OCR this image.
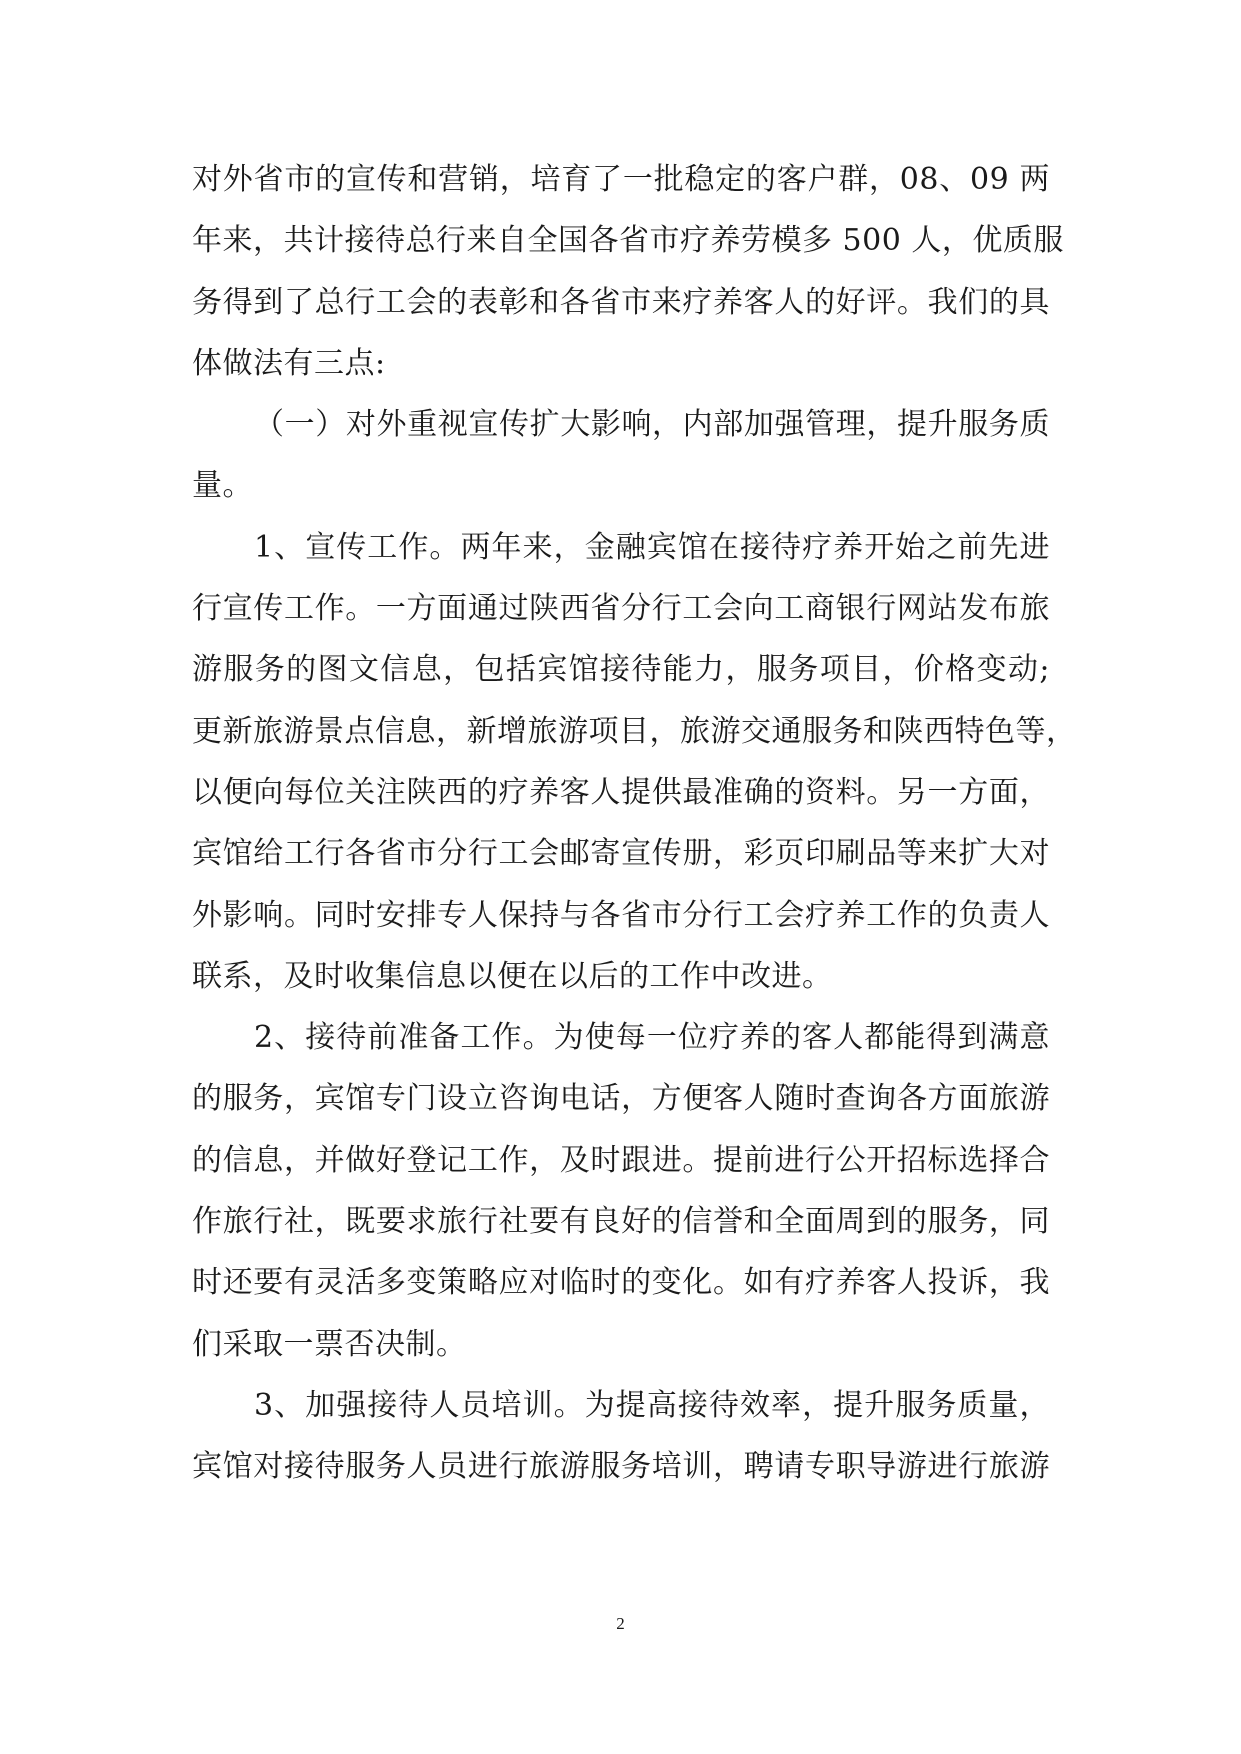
对外省市的宣传和营销，培育了一批稳定的客户群，08、09 两
年来，共计接待总行来自全国各省市疗养劳模多 500 人，优质服
务得到了总行工会的表彰和各省市来疗养客人的好评。我们的具
体做法有三点:
（一）对外重视宣传扩大影响，内部加强管理，提升服务质
量。
1、宣传工作。两年来，金融宾馆在接待疗养开始之前先进
行宣传工作。一方面通过陕西省分行工会向工商银行网站发布旅
游服务的图文信息，包括宾馆接待能力，服务项目，价格变动;
更新旅游景点信息，新增旅游项目，旅游交通服务和陕西特色等，
以便向每位关注陕西的疗养客人提供最准确的资料。另一方面，
宾馆给工行各省市分行工会邮寄宣传册，彩页印刷品等来扩大对
外影响。同时安排专人保持与各省市分行工会疗养工作的负责人
联系，及时收集信息以便在以后的工作中改进。
2、接待前准备工作。为使每一位疗养的客人都能得到满意
的服务，宾馆专门设立咨询电话，方便客人随时查询各方面旅游
的信息，并做好登记工作，及时跟进。提前进行公开招标选择合
作旅行社，既要求旅行社要有良好的信誉和全面周到的服务，同
时还要有灵活多变策略应对临时的变化。如有疗养客人投诉，我
们采取一票否决制。
3、加强接待人员培训。为提高接待效率，提升服务质量，
宾馆对接待服务人员进行旅游服务培训，聘请专职导游进行旅游
2
